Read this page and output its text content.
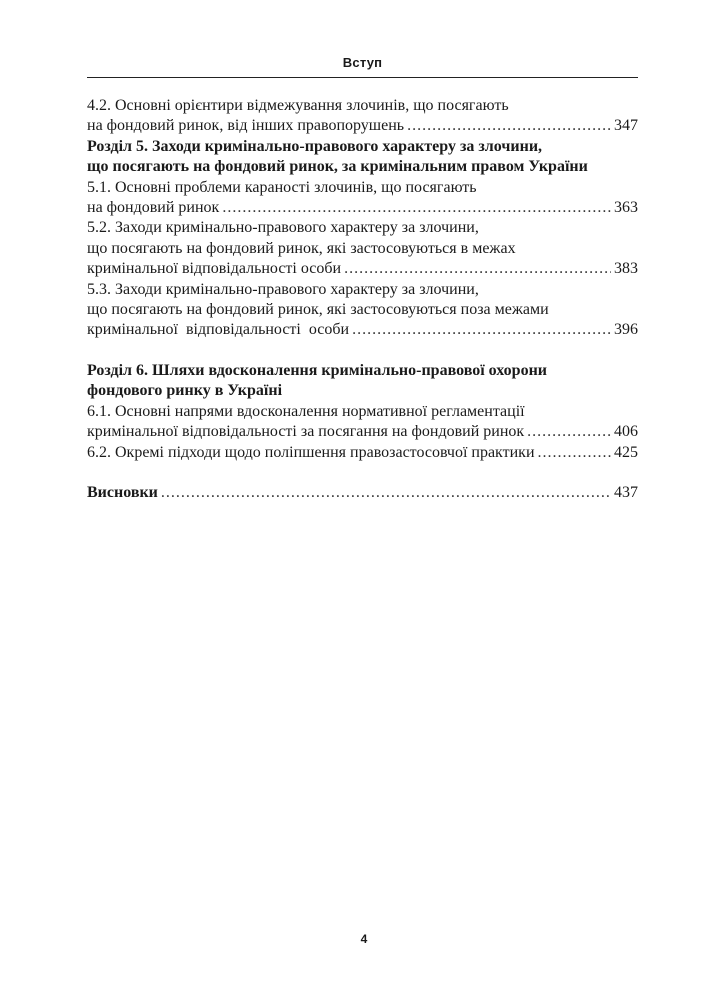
Вступ
4.2. Основні орієнтири відмежування злочинів, що посягають
на фондовий ринок, від інших правопорушень .....	347
Розділ 5. Заходи кримінально-правового характеру за злочини,
що посягають на фондовий ринок, за кримінальним правом України
5.1. Основні проблеми караності злочинів, що посягають
на фондовий ринок .....	363
5.2. Заходи кримінально-правового характеру за злочини,
що посягають на фондовий ринок, які застосовуються в межах
кримінальної відповідальності особи .....	383
5.3. Заходи кримінально-правового характеру за злочини,
що посягають на фондовий ринок, які застосовуються поза межами
кримінальної відповідальності особи .....	396
Розділ 6. Шляхи вдосконалення кримінально-правової охорони
фондового ринку в Україні
6.1. Основні напрями вдосконалення нормативної регламентації
кримінальної відповідальності за посягання на фондовий ринок .....	406
6.2. Окремі підходи щодо поліпшення правозастосовчої практики .....	425
Висновки .....	437
4
